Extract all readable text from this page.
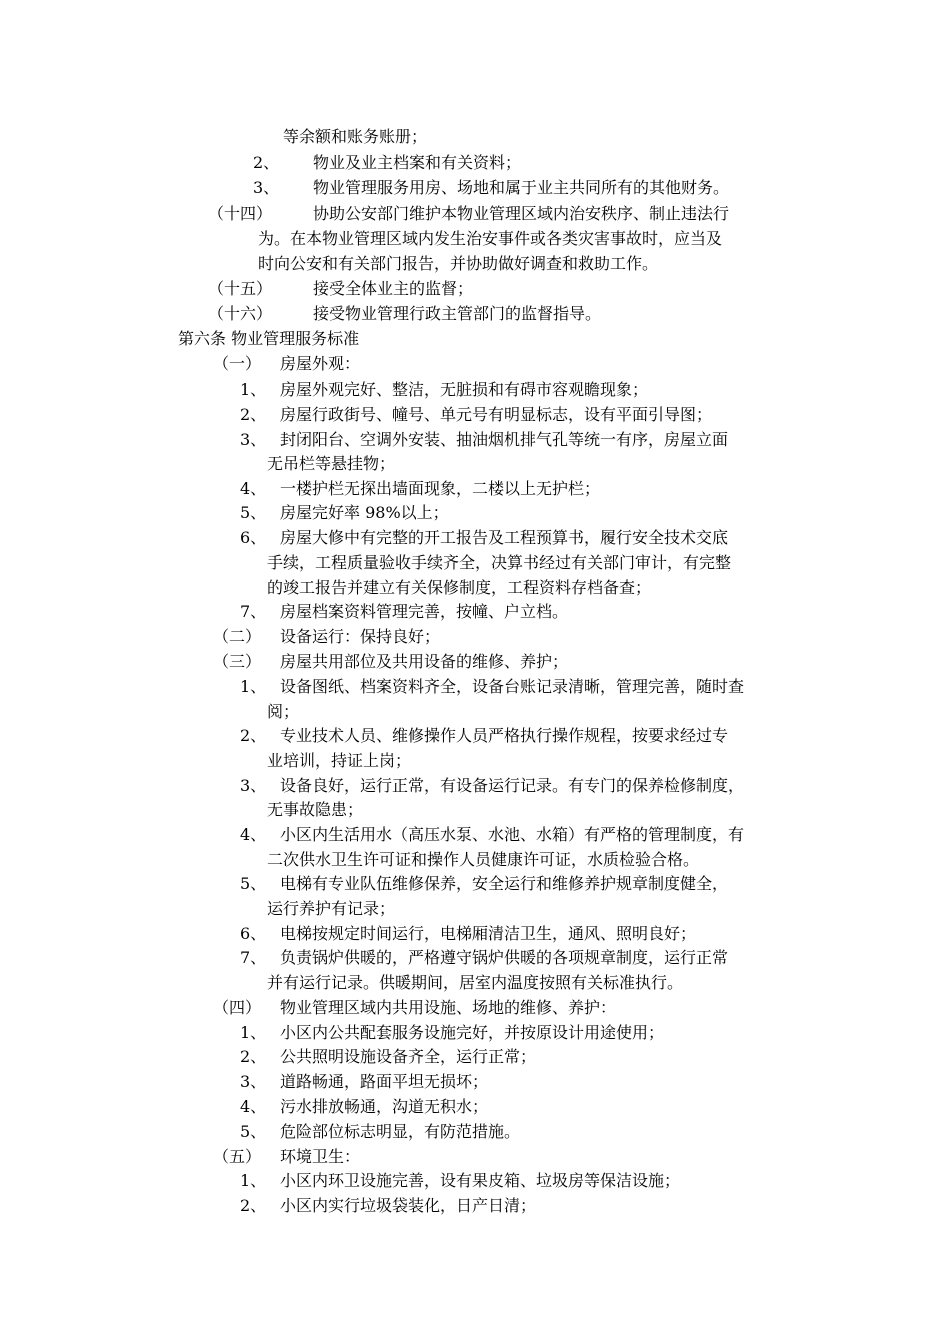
等余额和账务账册；
2、 物业及业主档案和有关资料；
3、 物业管理服务用房、场地和属于业主共同所有的其他财务。
（十四）	协助公安部门维护本物业管理区域内治安秩序、制止违法行
为。在本物业管理区域内发生治安事件或各类灾害事故时，应当及
时向公安和有关部门报告，并协助做好调查和救助工作。
（十五）	接受全体业主的监督；
（十六）	接受物业管理行政主管部门的监督指导。
第六条 物业管理服务标准
（一） 房屋外观：
1、 房屋外观完好、整洁，无脏损和有碍市容观瞻现象；
2、 房屋行政街号、幢号、单元号有明显标志，设有平面引导图；
3、 封闭阳台、空调外安装、抽油烟机排气孔等统一有序，房屋立面
无吊栏等悬挂物；
4、 一楼护栏无探出墙面现象，二楼以上无护栏；
5、 房屋完好率 98%以上；
6、 房屋大修中有完整的开工报告及工程预算书，履行安全技术交底
手续，工程质量验收手续齐全，决算书经过有关部门审计，有完整
的竣工报告并建立有关保修制度，工程资料存档备查；
7、 房屋档案资料管理完善，按幢、户立档。
（二） 设备运行：保持良好；
（三） 房屋共用部位及共用设备的维修、养护；
1、 设备图纸、档案资料齐全，设备台账记录清晰，管理完善，随时查
阅；
2、 专业技术人员、维修操作人员严格执行操作规程，按要求经过专
业培训，持证上岗；
3、 设备良好，运行正常，有设备运行记录。有专门的保养检修制度，
无事故隐患；
4、 小区内生活用水（高压水泵、水池、水箱）有严格的管理制度，有
二次供水卫生许可证和操作人员健康许可证，水质检验合格。
5、 电梯有专业队伍维修保养，安全运行和维修养护规章制度健全，
运行养护有记录；
6、 电梯按规定时间运行，电梯厢清洁卫生，通风、照明良好；
7、 负责锅炉供暖的，严格遵守锅炉供暖的各项规章制度，运行正常
并有运行记录。供暖期间，居室内温度按照有关标准执行。
（四） 物业管理区域内共用设施、场地的维修、养护：
1、 小区内公共配套服务设施完好，并按原设计用途使用；
2、 公共照明设施设备齐全，运行正常；
3、 道路畅通，路面平坦无损坏；
4、 污水排放畅通，沟道无积水；
5、 危险部位标志明显，有防范措施。
（五） 环境卫生：
1、 小区内环卫设施完善，设有果皮箱、垃圾房等保洁设施；
2、 小区内实行垃圾袋装化，日产日清；
